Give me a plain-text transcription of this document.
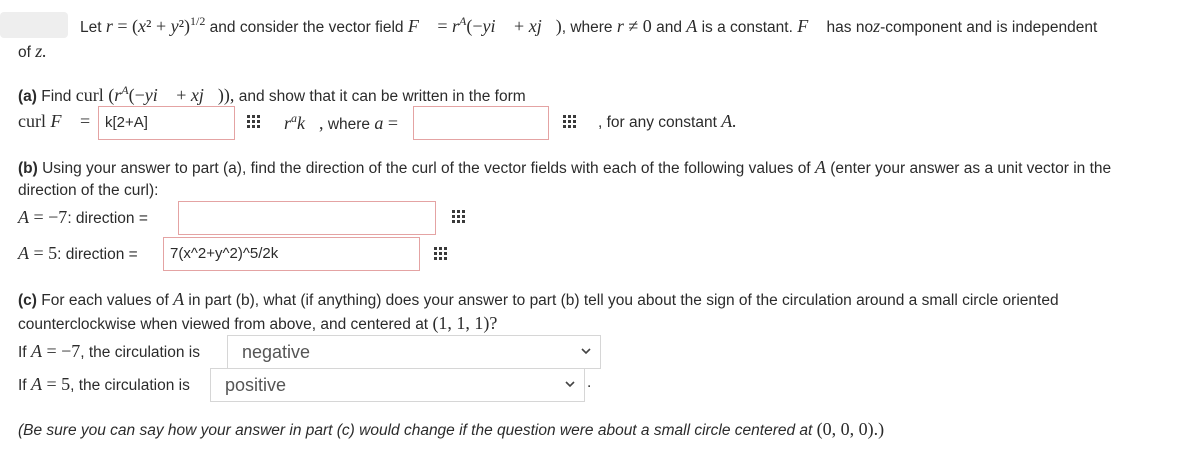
Let $r = (x^2 + y^2)^{1/2}$ and consider the vector field F⃗ = $r^A(-yi⃗$ + xj⃗), where r ≠ 0 and A is a constant. F⃗ has noz-component and is independent
of z.
(a) Find curl ($r^A(-yi⃗$ + xj⃗)), and show that it can be written in the form
curl F⃗ = k[2+A]	$r^ak⃗$, where a =	, for any constant A.
(b) Using your answer to part (a), find the direction of the curl of the vector fields with each of the following values of A (enter your answer as a unit vector in the
direction of the curl):
A = −7: direction =
A = 5: direction =	7(x^2+y^2)^5/2k
(c) For each values of A in part (b), what (if anything) does your answer to part (b) tell you about the sign of the circulation around a small circle oriented
counterclockwise when viewed from above, and centered at (1, 1, 1)?
If A = −7, the circulation is	negative
If A = 5, the circulation is	positive	.
(Be sure you can say how your answer in part (c) would change if the question were about a small circle centered at (0, 0, 0).)
